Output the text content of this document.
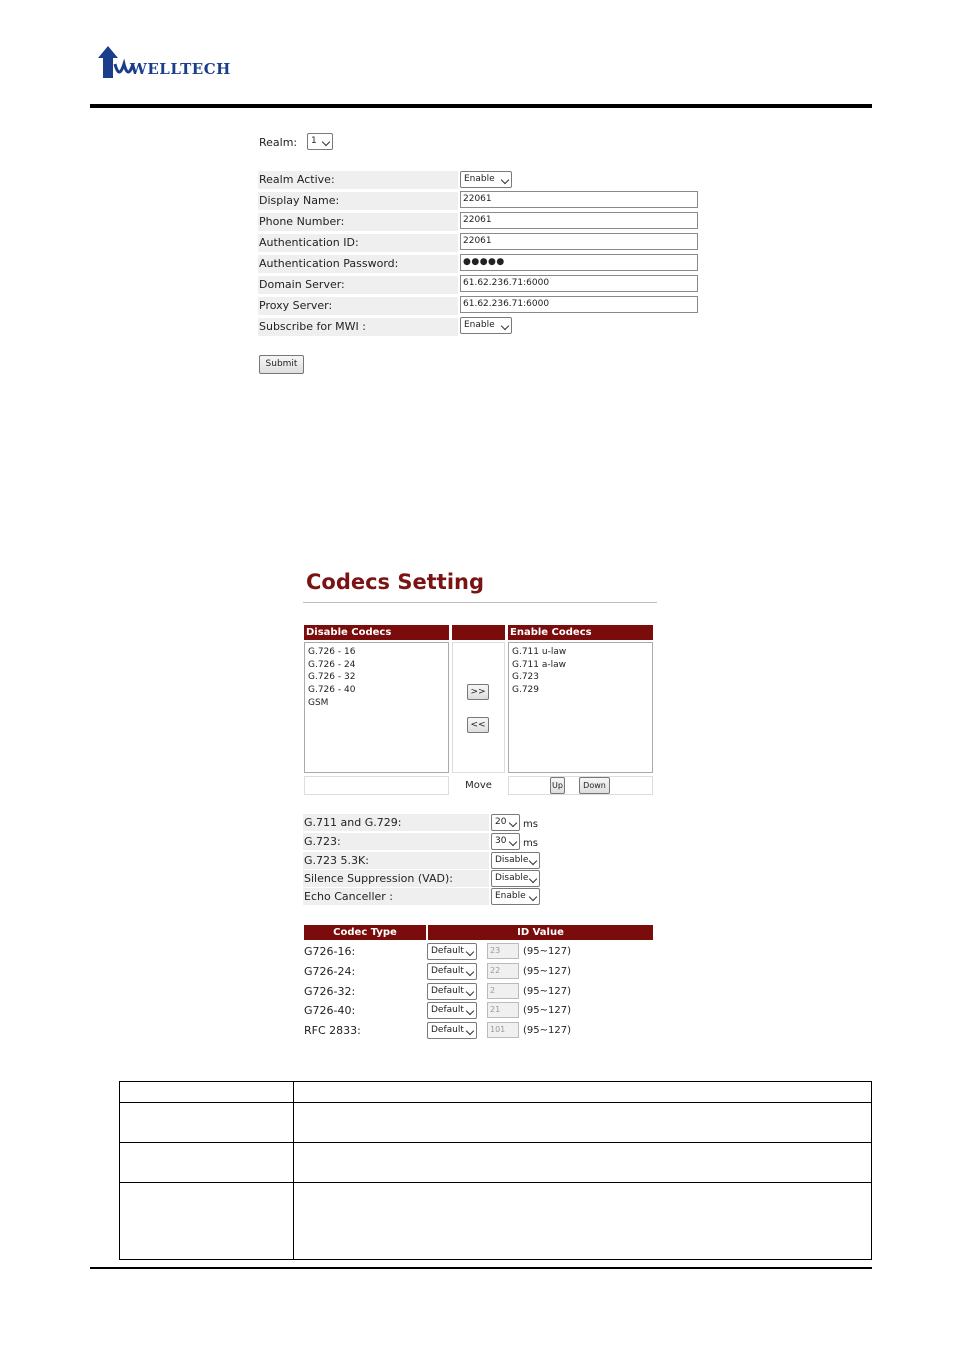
WELLTECH
Realm:	1
Realm Active:	Enable
Display Name:	22061
Phone Number:	22061
Authentication ID:	22061
Authentication Password:	●●●●●
Domain Server:	61.62.236.71:6000
Proxy Server:	61.62.236.71:6000
Subscribe for MWI :	Enable
Submit
Codecs Setting
Disable Codecs	Enable Codecs
G.726 - 16
G.726 - 24
G.726 - 32
G.726 - 40
GSM
>>
<<
G.711 u-law
G.711 a-law
G.723
G.729
Move	Up	Down
G.711 and G.729:	20	ms
G.723:	30	ms
G.723 5.3K:	Disable
Silence Suppression (VAD):	Disable
Echo Canceller :	Enable
Codec Type	ID Value
G726-16:	Default	23	(95~127)
G726-24:	Default	22	(95~127)
G726-32:	Default	2	(95~127)
G726-40:	Default	21	(95~127)
RFC 2833:	Default	101	(95~127)
